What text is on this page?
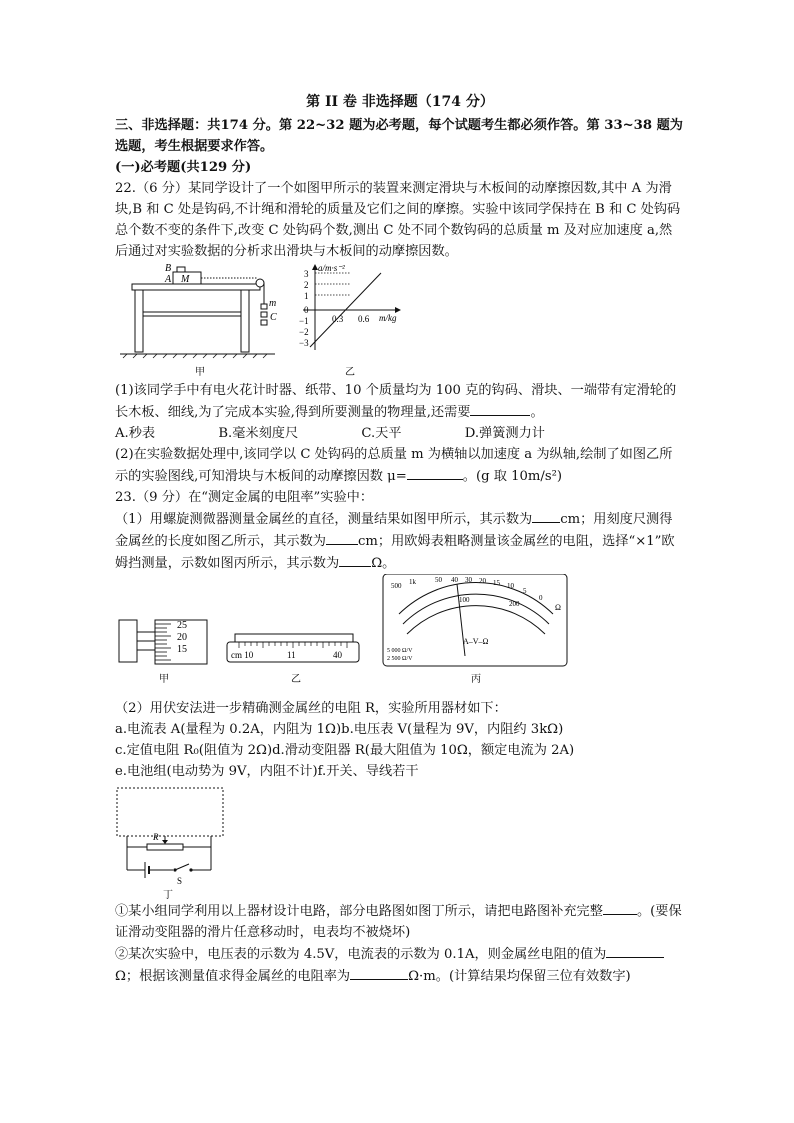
第 II 卷 非选择题（174 分）

三、非选择题：共174 分。第 22~32 题为必考题，每个试题考生都必须作答。第 33~38 题为选题，考生根据要求作答。

(一)必考题(共129 分)

22.（6 分）某同学设计了一个如图甲所示的装置来测定滑块与木板间的动摩擦因数,其中 A 为滑块,B 和 C 处是钩码,不计绳和滑轮的质量及它们之间的摩擦。实验中该同学保持在 B 和 C 处钩码总个数不变的条件下,改变 C 处钩码个数,测出 C 处不同个数钩码的总质量 m 及对应加速度 a,然后通过对实验数据的分析求出滑块与木板间的动摩擦因数。

B
A M
m
C
甲
a/m·s⁻²
m/kg
3
2
1
0
−1
−2
−3
0.3 0.6
乙

(1)该同学手中有电火花计时器、纸带、10 个质量均为 100 克的钩码、滑块、一端带有定滑轮的长木板、细线,为了完成本实验,得到所要测量的物理量,还需要	。

A.秒表	B.毫米刻度尺	C.天平	D.弹簧测力计

(2)在实验数据处理中,该同学以 C 处钩码的总质量 m 为横轴以加速度 a 为纵轴,绘制了如图乙所示的实验图线,可知滑块与木板间的动摩擦因数 μ=	。(g 取 10m/s²)

23.（9 分）在“测定金属的电阻率”实验中：

（1）用螺旋测微器测量金属丝的直径，测量结果如图甲所示，其示数为 cm；用刻度尺测得金属丝的长度如图乙所示，其示数为 cm；用欧姆表粗略测量该金属丝的电阻，选择“×1”欧姆挡测量，示数如图丙所示，其示数为 Ω。

25
20
15
甲
cm 10	11	40
乙
500 1k	50 40 30 20 15 10
5
0
Ω
100	200
A–V–Ω
5 000 Ω/V
2 500 Ω/V
丙

（2）用伏安法进一步精确测金属丝的电阻 R，实验所用器材如下：

a.电流表 A(量程为 0.2A，内阻为 1Ω)b.电压表 V(量程为 9V，内阻约 3kΩ)

c.定值电阻 R₀(阻值为 2Ω)d.滑动变阻器 R(最大阻值为 10Ω，额定电流为 2A)

e.电池组(电动势为 9V，内阻不计)f.开关、导线若干

R
S
丁

①某小组同学利用以上器材设计电路，部分电路图如图丁所示，请把电路图补充完整	。(要保证滑动变阻器的滑片任意移动时，电表均不被烧坏)

②某次实验中，电压表的示数为 4.5V，电流表的示数为 0.1A，则金属丝电阻的值为Ω；根据该测量值求得金属丝的电阻率为	Ω·m。(计算结果均保留三位有效数字)
